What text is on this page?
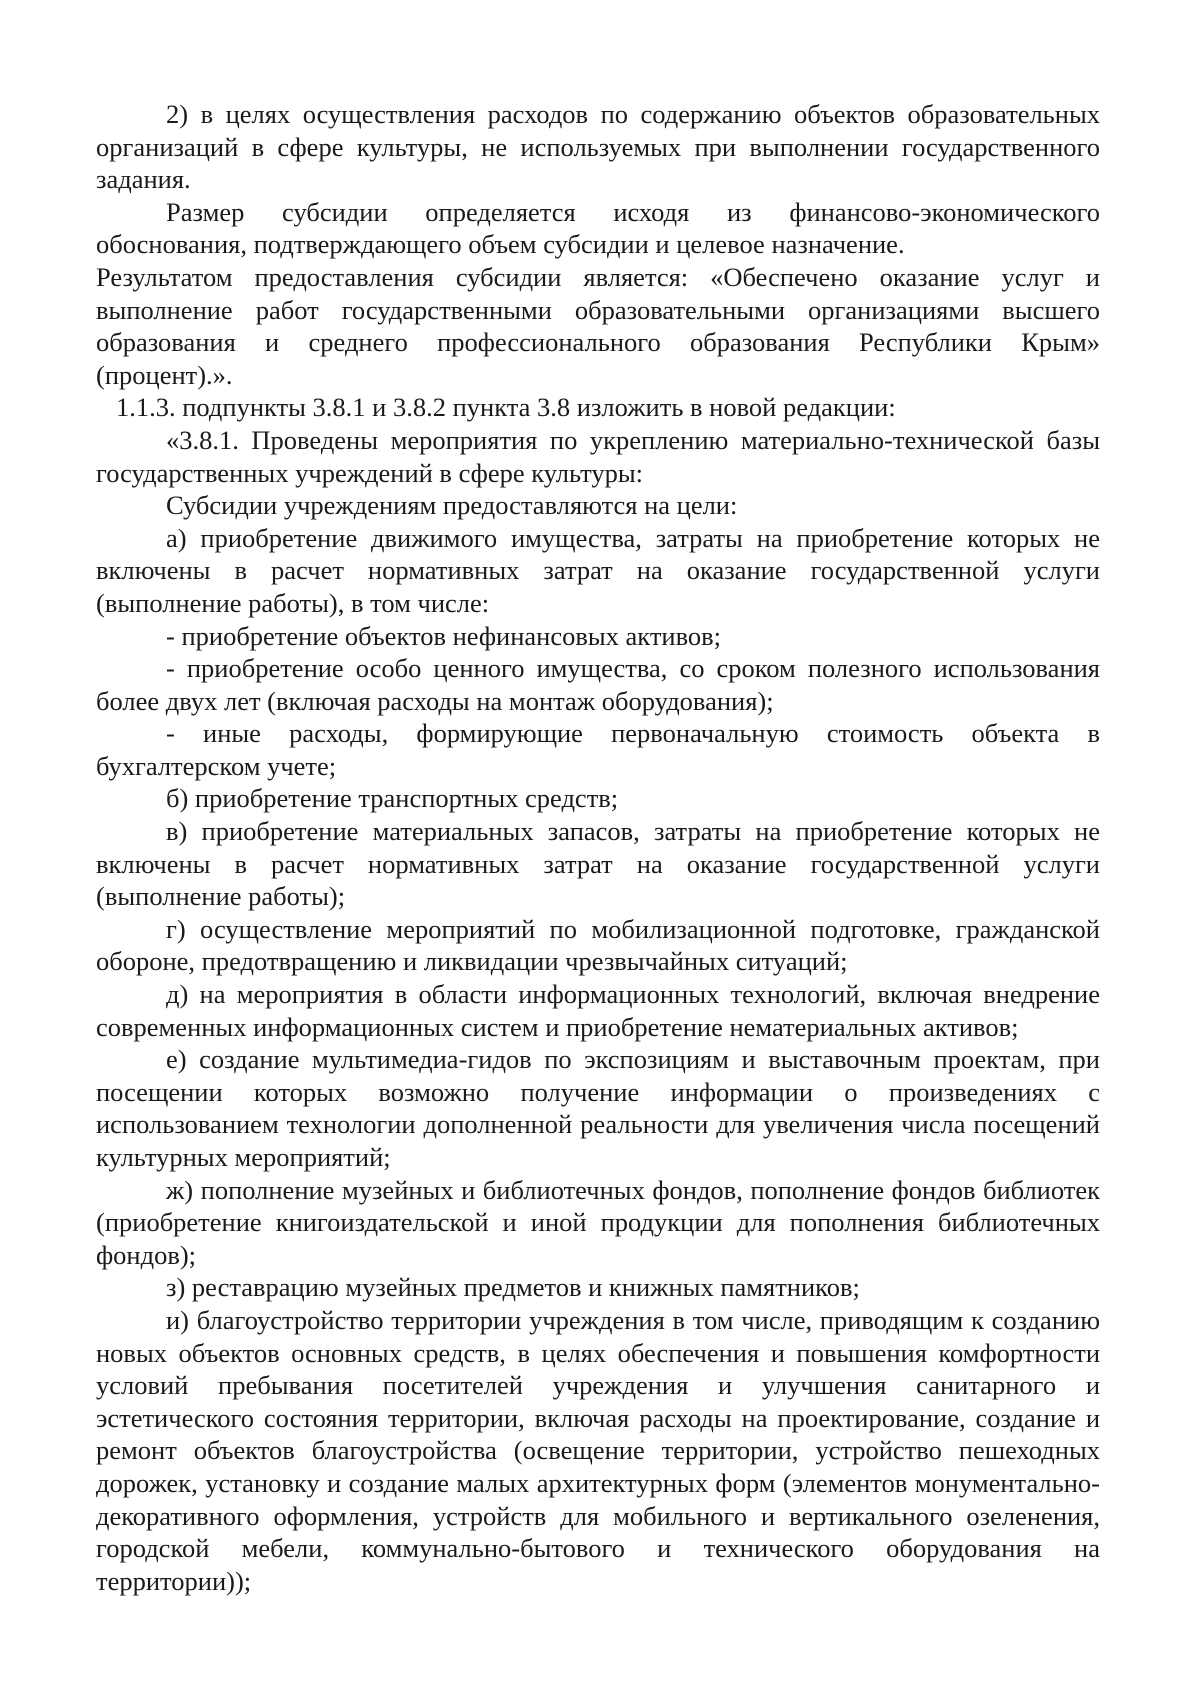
2) в целях осуществления расходов по содержанию объектов образовательных организаций в сфере культуры, не используемых при выполнении государственного задания.

Размер субсидии определяется исходя из финансово-экономического обоснования, подтверждающего объем субсидии и целевое назначение.

Результатом предоставления субсидии является: «Обеспечено оказание услуг и выполнение работ государственными образовательными организациями высшего образования и среднего профессионального образования Республики Крым» (процент).».

1.1.3. подпункты 3.8.1 и 3.8.2 пункта 3.8 изложить в новой редакции:

«3.8.1. Проведены мероприятия по укреплению материально-технической базы государственных учреждений в сфере культуры:

Субсидии учреждениям предоставляются на цели:

а) приобретение движимого имущества, затраты на приобретение которых не включены в расчет нормативных затрат на оказание государственной услуги (выполнение работы), в том числе:

- приобретение объектов нефинансовых активов;

- приобретение особо ценного имущества, со сроком полезного использования более двух лет (включая расходы на монтаж оборудования);

- иные расходы, формирующие первоначальную стоимость объекта в бухгалтерском учете;

б) приобретение транспортных средств;

в) приобретение материальных запасов, затраты на приобретение которых не включены в расчет нормативных затрат на оказание государственной услуги (выполнение работы);

г) осуществление мероприятий по мобилизационной подготовке, гражданской обороне, предотвращению и ликвидации чрезвычайных ситуаций;

д) на мероприятия в области информационных технологий, включая внедрение современных информационных систем и приобретение нематериальных активов;

е) создание мультимедиа-гидов по экспозициям и выставочным проектам, при посещении которых возможно получение информации о произведениях с использованием технологии дополненной реальности для увеличения числа посещений культурных мероприятий;

ж) пополнение музейных и библиотечных фондов, пополнение фондов библиотек (приобретение книгоиздательской и иной продукции для пополнения библиотечных фондов);

з) реставрацию музейных предметов и книжных памятников;

и) благоустройство территории учреждения в том числе, приводящим к созданию новых объектов основных средств, в целях обеспечения и повышения комфортности условий пребывания посетителей учреждения и улучшения санитарного и эстетического состояния территории, включая расходы на проектирование, создание и ремонт объектов благоустройства (освещение территории, устройство пешеходных дорожек, установку и создание малых архитектурных форм (элементов монументально-декоративного оформления, устройств для мобильного и вертикального озеленения, городской мебели, коммунально-бытового и технического оборудования на территории));
